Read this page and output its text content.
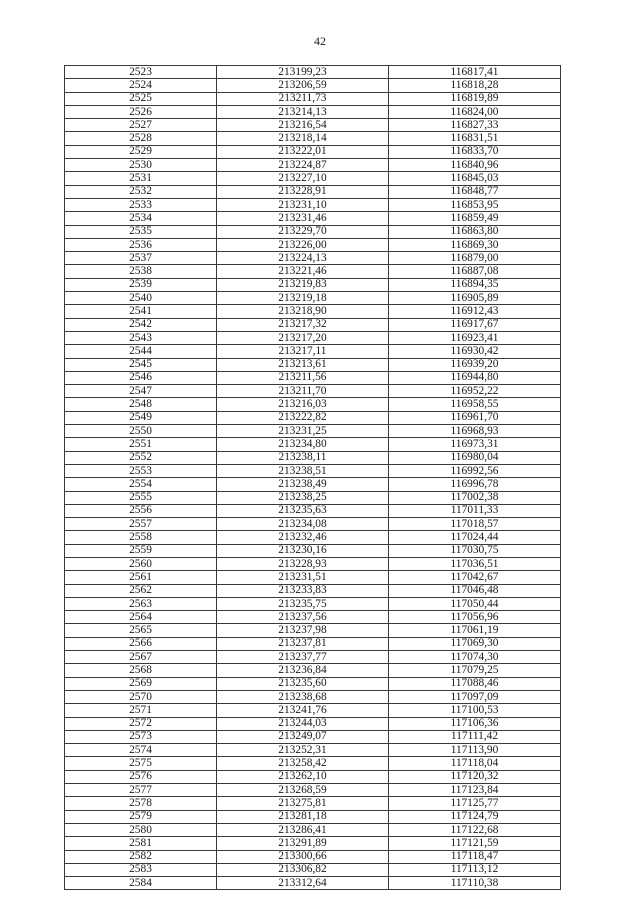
42
2523	213199,23	116817,41
2524	213206,59	116818,28
2525	213211,73	116819,89
2526	213214,13	116824,00
2527	213216,54	116827,33
2528	213218,14	116831,51
2529	213222,01	116833,70
2530	213224,87	116840,96
2531	213227,10	116845,03
2532	213228,91	116848,77
2533	213231,10	116853,95
2534	213231,46	116859,49
2535	213229,70	116863,80
2536	213226,00	116869,30
2537	213224,13	116879,00
2538	213221,46	116887,08
2539	213219,83	116894,35
2540	213219,18	116905,89
2541	213218,90	116912,43
2542	213217,32	116917,67
2543	213217,20	116923,41
2544	213217,11	116930,42
2545	213213,61	116939,20
2546	213211,56	116944,80
2547	213211,70	116952,22
2548	213216,03	116958,55
2549	213222,82	116961,70
2550	213231,25	116968,93
2551	213234,80	116973,31
2552	213238,11	116980,04
2553	213238,51	116992,56
2554	213238,49	116996,78
2555	213238,25	117002,38
2556	213235,63	117011,33
2557	213234,08	117018,57
2558	213232,46	117024,44
2559	213230,16	117030,75
2560	213228,93	117036,51
2561	213231,51	117042,67
2562	213233,83	117046,48
2563	213235,75	117050,44
2564	213237,56	117056,96
2565	213237,98	117061,19
2566	213237,81	117069,30
2567	213237,77	117074,30
2568	213236,84	117079,25
2569	213235,60	117088,46
2570	213238,68	117097,09
2571	213241,76	117100,53
2572	213244,03	117106,36
2573	213249,07	117111,42
2574	213252,31	117113,90
2575	213258,42	117118,04
2576	213262,10	117120,32
2577	213268,59	117123,84
2578	213275,81	117125,77
2579	213281,18	117124,79
2580	213286,41	117122,68
2581	213291,89	117121,59
2582	213300,66	117118,47
2583	213306,82	117113,12
2584	213312,64	117110,38
